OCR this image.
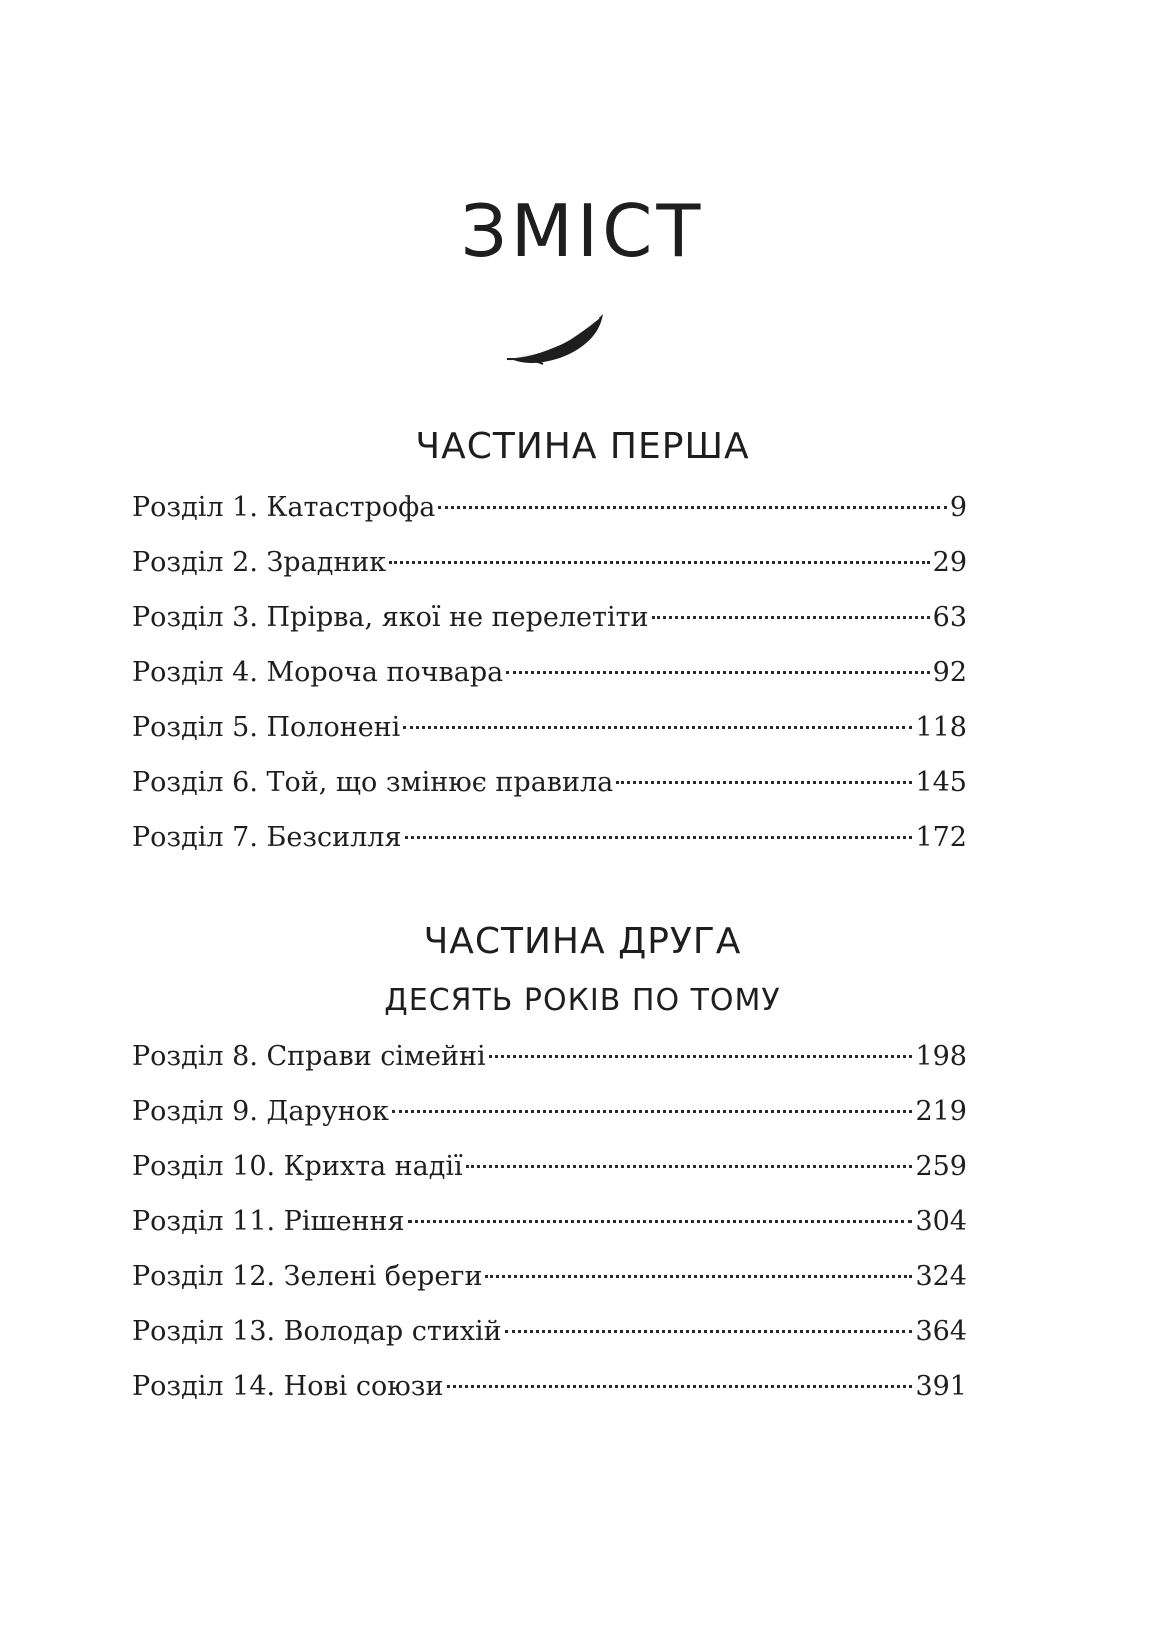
ЗМІСТ
ЧАСТИНА ПЕРША
Розділ 1. Катастрофа	9
Розділ 2. Зрадник	29
Розділ 3. Прірва, якої не перелетіти	63
Розділ 4. Мороча почвара	92
Розділ 5. Полонені	118
Розділ 6. Той, що змінює правила	145
Розділ 7. Безсилля	172
ЧАСТИНА ДРУГА
ДЕСЯТЬ РОКІВ ПО ТОМУ
Розділ 8. Справи сімейні	198
Розділ 9. Дарунок	219
Розділ 10. Крихта надії	259
Розділ 11. Рішення	304
Розділ 12. Зелені береги	324
Розділ 13. Володар стихій	364
Розділ 14. Нові союзи	391
